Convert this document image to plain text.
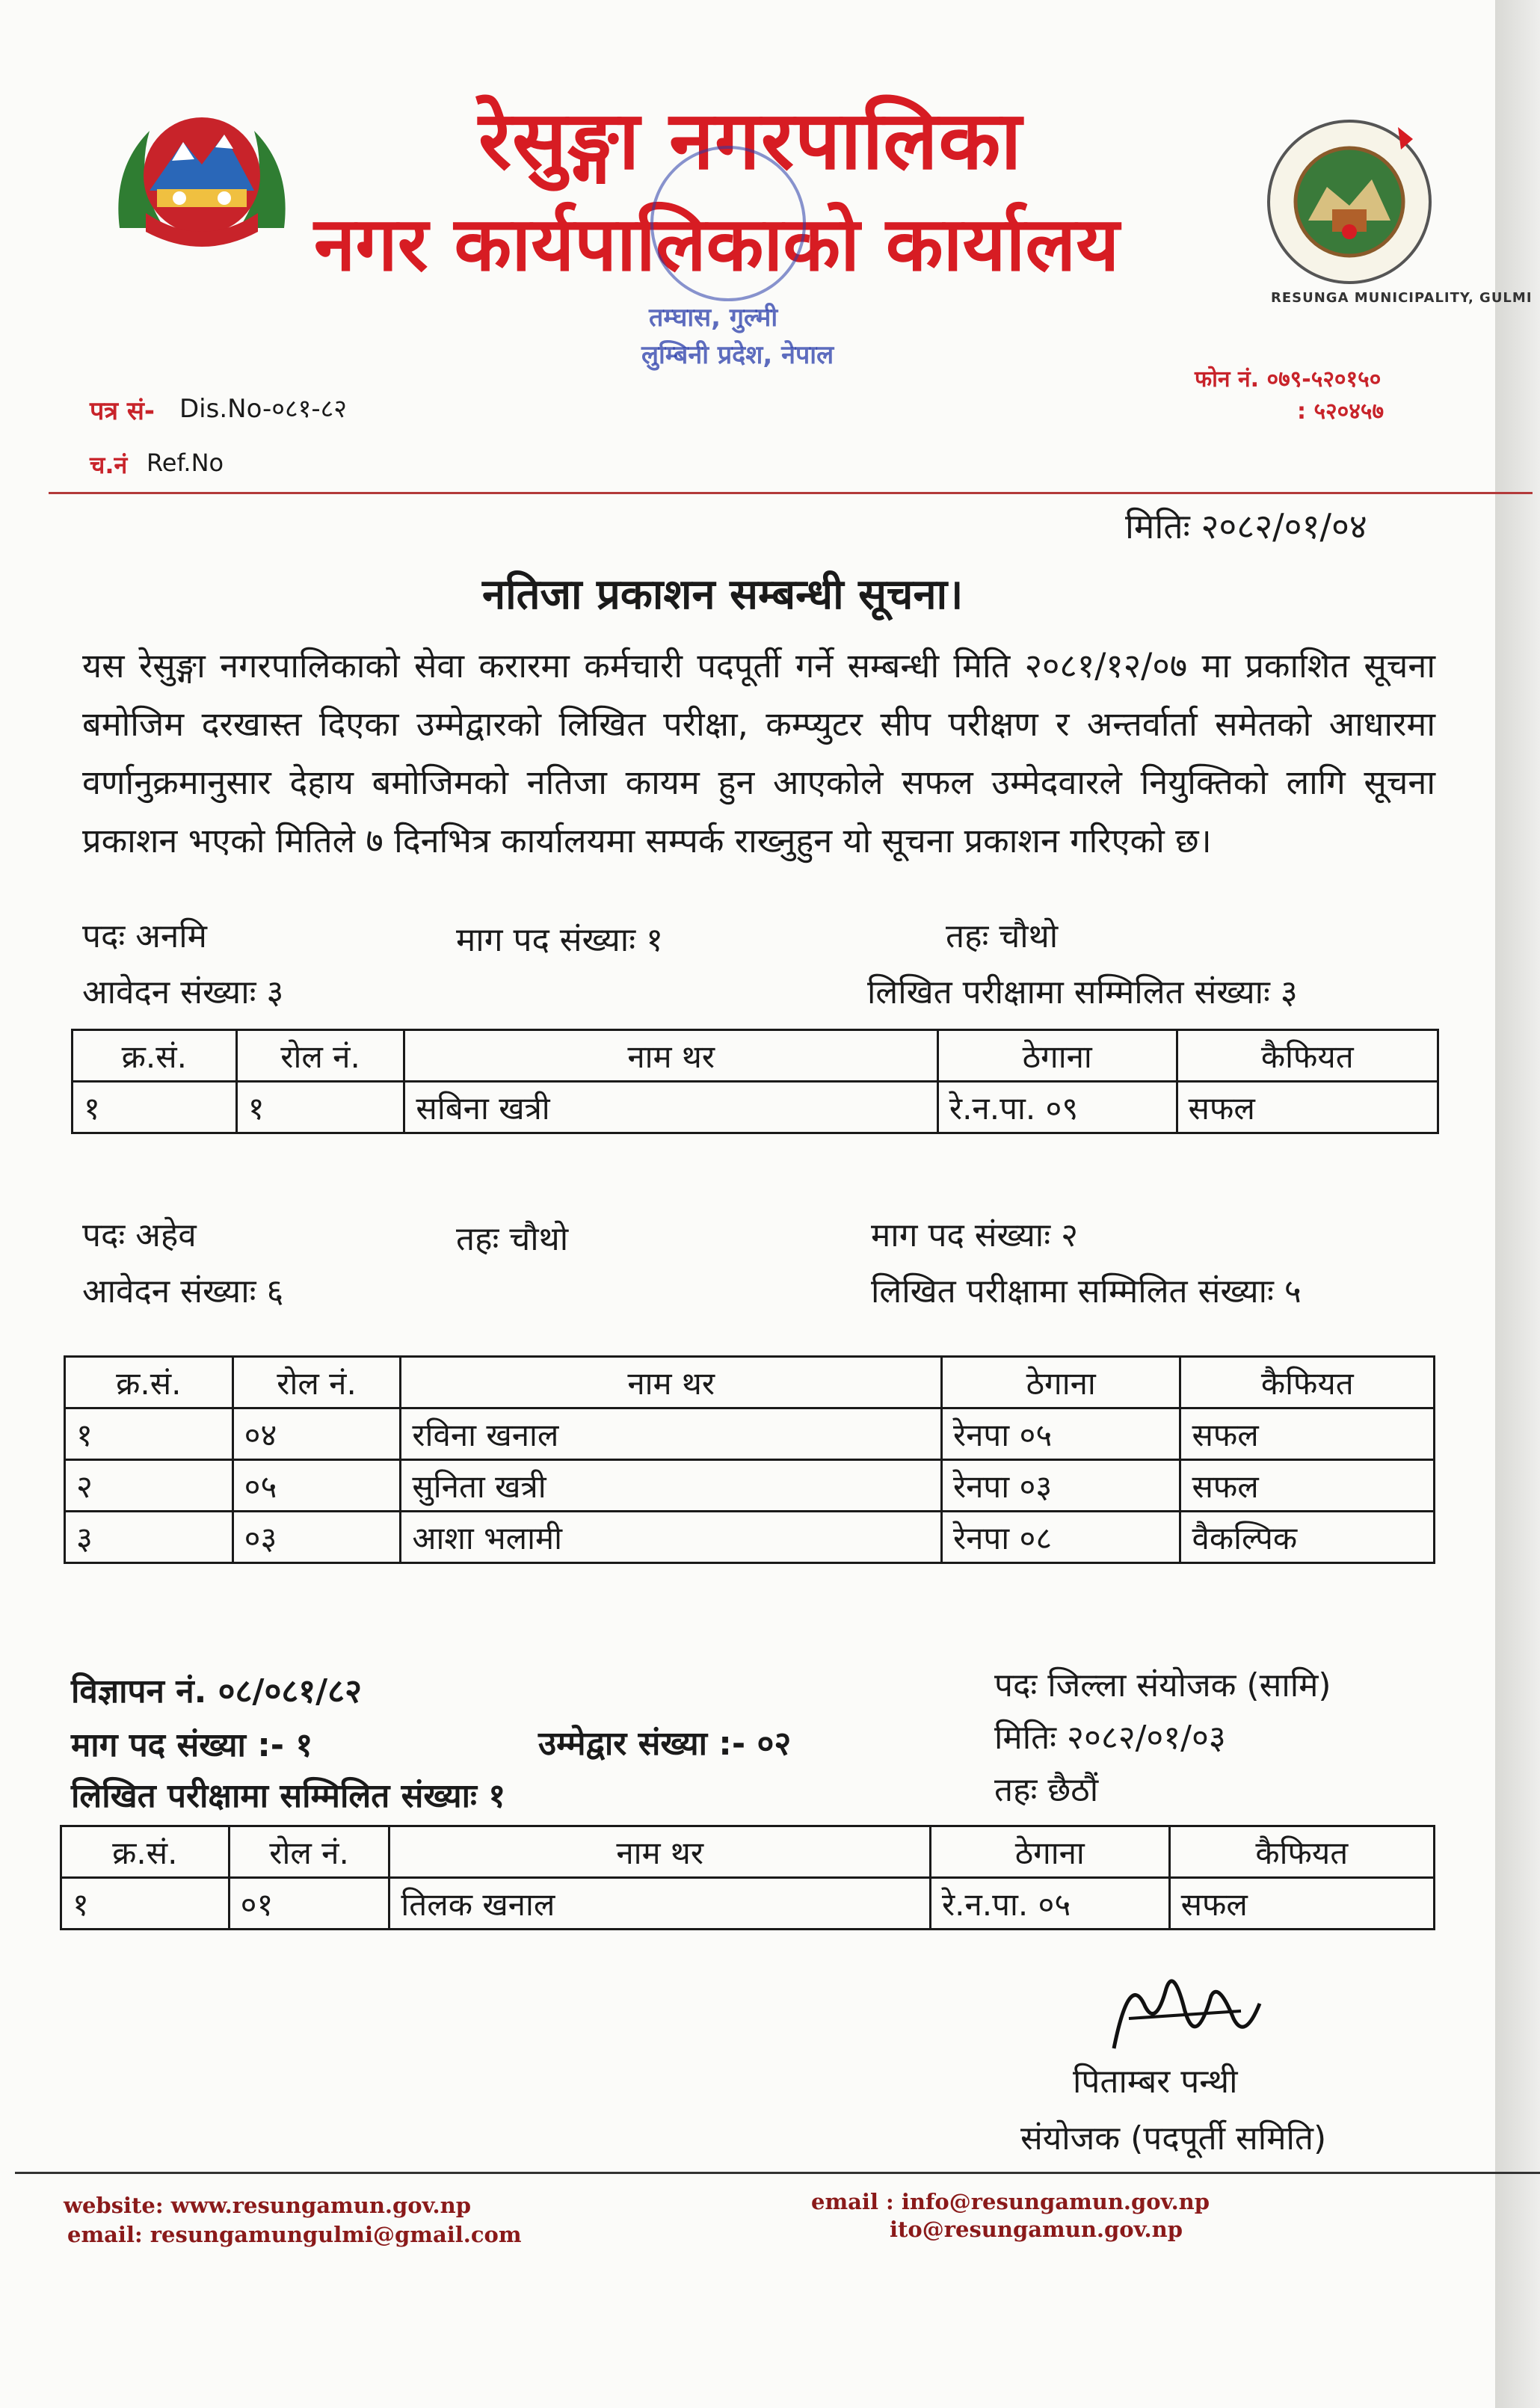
RESUNGA MUNICIPALITY, GULMI
रेसुङ्गा नगरपालिका
नगर कार्यपालिकाको कार्यालय
तम्घास, गुल्मी
लुम्बिनी प्रदेश, नेपाल
पत्र सं- Dis.No-०८१-८२
च.नं Ref.No
फोन नं. ०७९-५२०१५०
: ५२०४५७
मितिः २०८२/०१/०४
नतिजा प्रकाशन सम्बन्धी सूचना।
यस रेसुङ्गा नगरपालिकाको सेवा करारमा कर्मचारी पदपूर्ती गर्ने सम्बन्धी मिति २०८१/१२/०७ मा प्रकाशित सूचना बमोजिम दरखास्त दिएका उम्मेद्वारको लिखित परीक्षा, कम्प्युटर सीप परीक्षण र अन्तर्वार्ता समेतको आधारमा वर्णानुक्रमानुसार देहाय बमोजिमको नतिजा कायम हुन आएकोले सफल उम्मेदवारले नियुक्तिको लागि सूचना प्रकाशन भएको मितिले ७ दिनभित्र कार्यालयमा सम्पर्क राख्नुहुन यो सूचना प्रकाशन गरिएको छ।
पदः अनमि	माग पद संख्याः १	तहः चौथो
आवेदन संख्याः ३	लिखित परीक्षामा सम्मिलित संख्याः ३
क्र.सं.	रोल नं.	नाम थर	ठेगाना	कैफियत
१	१	सबिना खत्री	रे.न.पा. ०९	सफल
पदः अहेव	तहः चौथो	माग पद संख्याः २
आवेदन संख्याः ६	लिखित परीक्षामा सम्मिलित संख्याः ५
क्र.सं.	रोल नं.	नाम थर	ठेगाना	कैफियत
१	०४	रविना खनाल	रेनपा ०५	सफल
२	०५	सुनिता खत्री	रेनपा ०३	सफल
३	०३	आशा भलामी	रेनपा ०८	वैकल्पिक
विज्ञापन नं. ०८/०८१/८२	पदः जिल्ला संयोजक (सामि)
माग पद संख्या :- १	उम्मेद्वार संख्या :- ०२	मितिः २०८२/०१/०३
लिखित परीक्षामा सम्मिलित संख्याः १	तहः छैठौं
क्र.सं.	रोल नं.	नाम थर	ठेगाना	कैफियत
१	०१	तिलक खनाल	रे.न.पा. ०५	सफल
पिताम्बर पन्थी
संयोजक (पदपूर्ती समिति)
website: www.resungamun.gov.np
email: resungamungulmi@gmail.com
email : info@resungamun.gov.np
ito@resungamun.gov.np
